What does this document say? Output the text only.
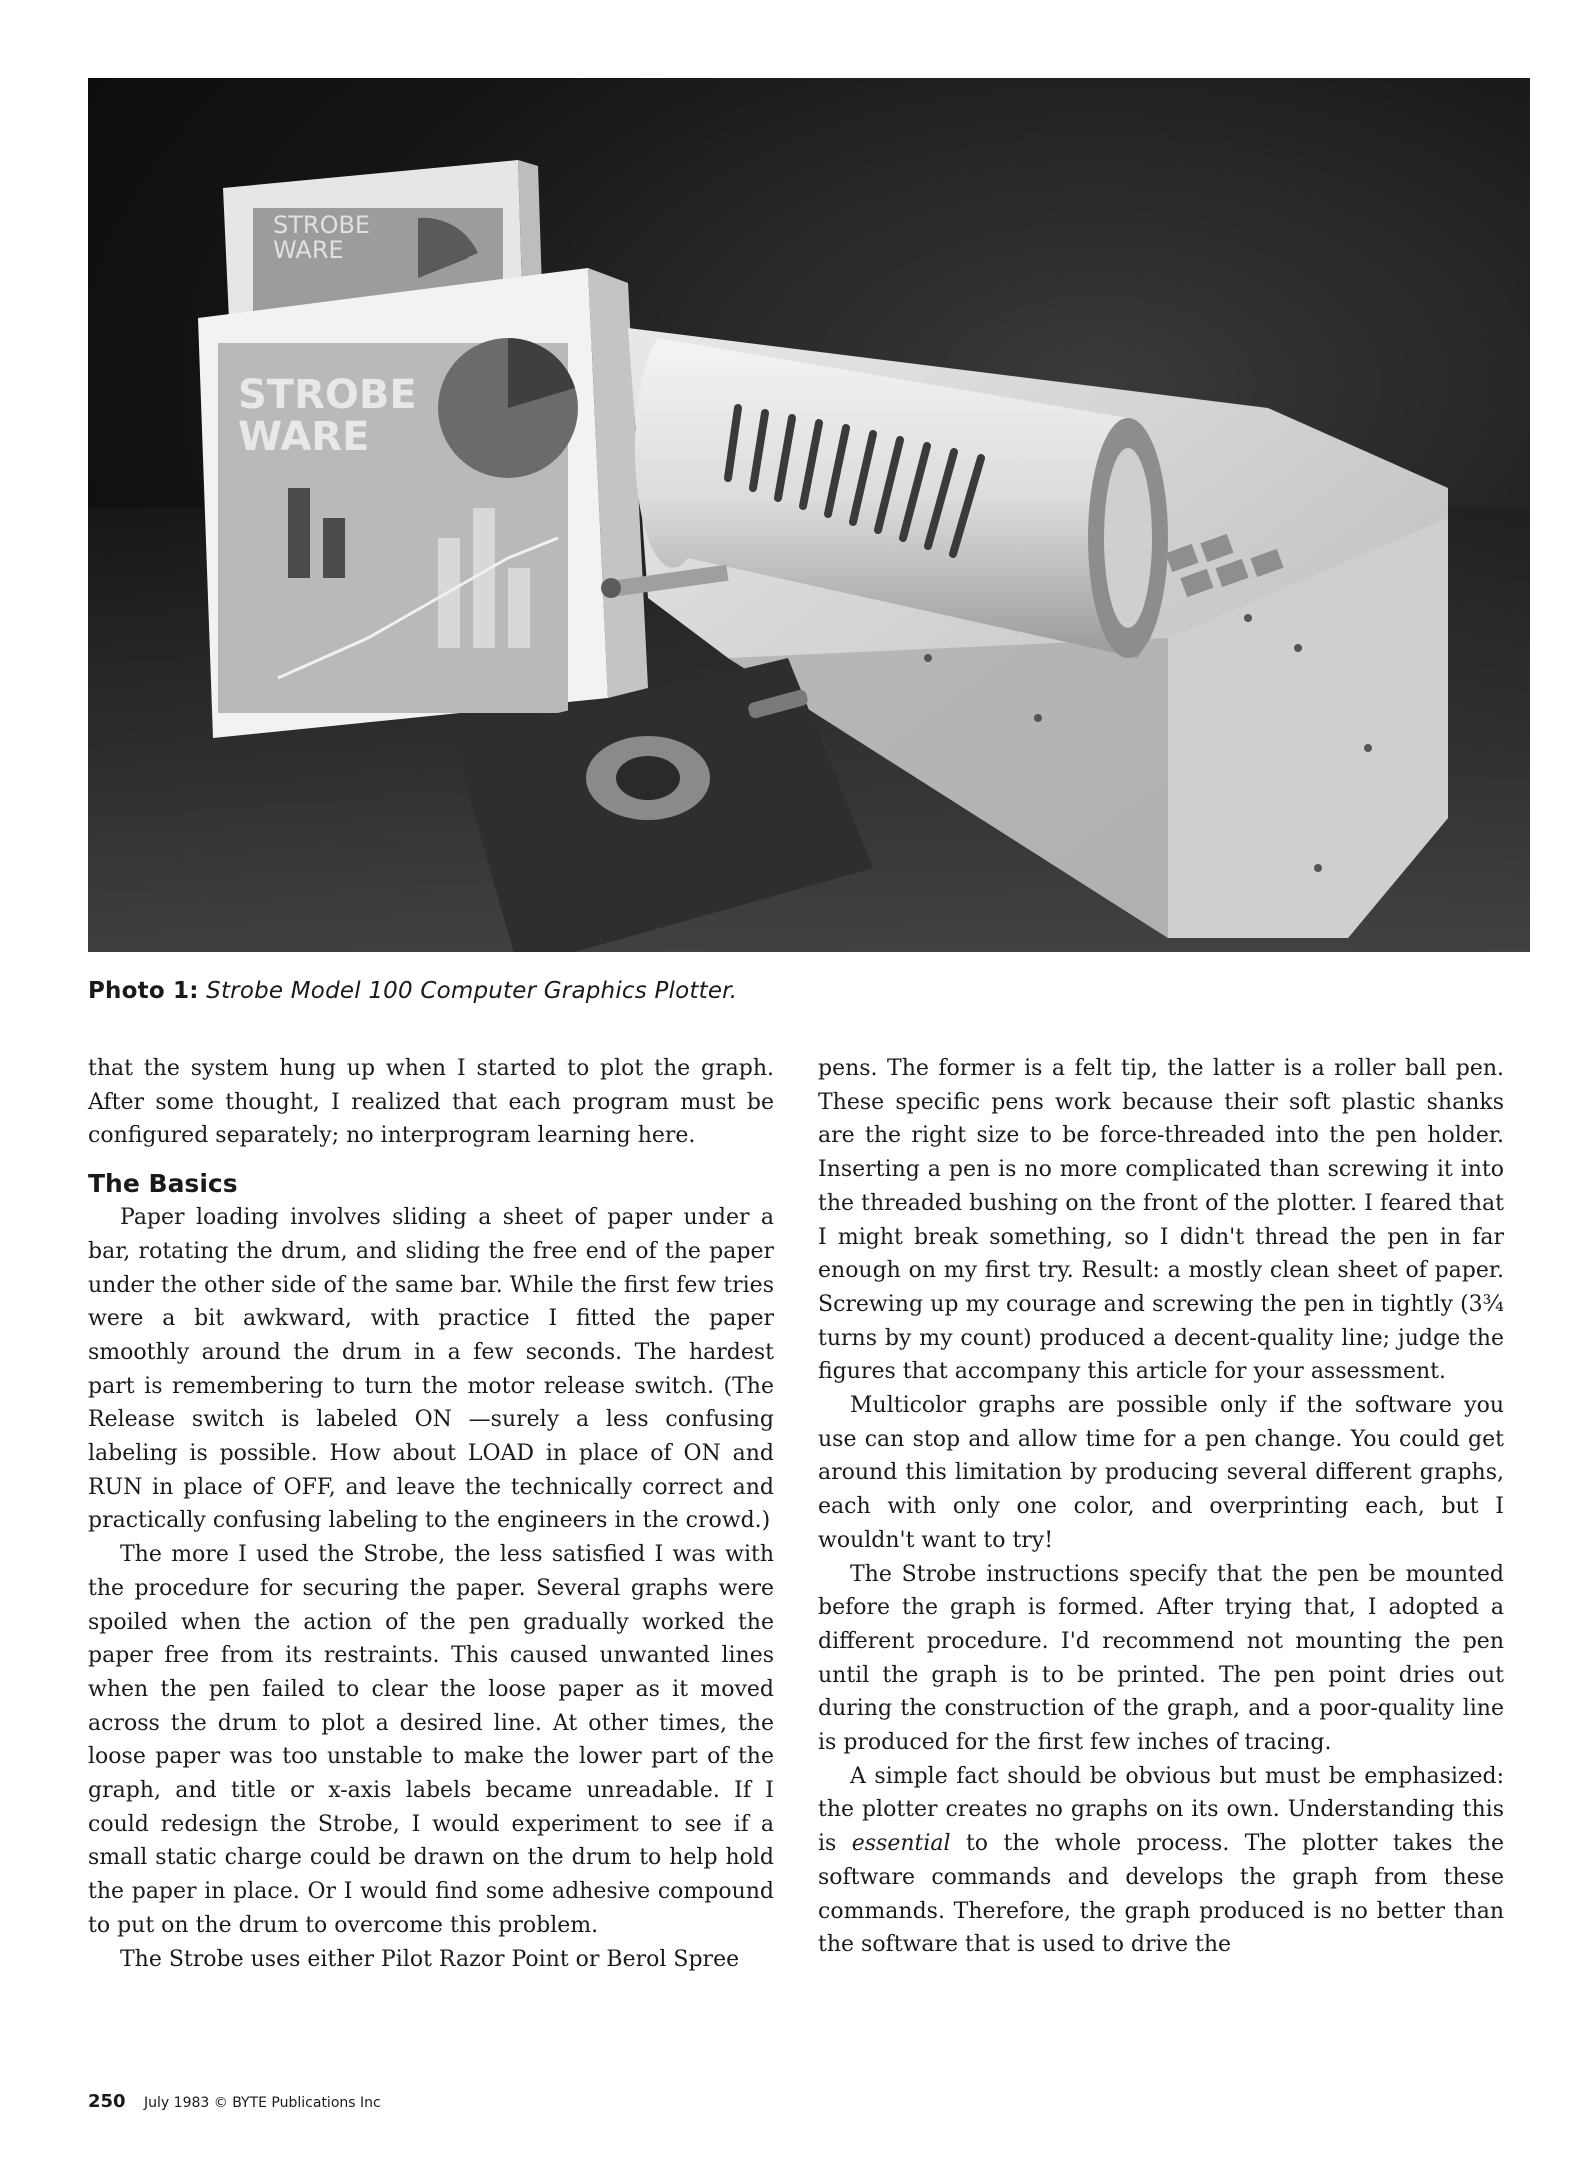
STROBE
WARE
STROBE
WARE
Photo 1: Strobe Model 100 Computer Graphics Plotter.

that the system hung up when I started to plot the graph. After some thought, I realized that each program must be configured separately; no interprogram learning here.

The Basics

Paper loading involves sliding a sheet of paper under a bar, rotating the drum, and sliding the free end of the paper under the other side of the same bar. While the first few tries were a bit awkward, with practice I fitted the paper smoothly around the drum in a few seconds. The hardest part is remembering to turn the motor release switch. (The Release switch is labeled ON —surely a less confusing labeling is possible. How about LOAD in place of ON and RUN in place of OFF, and leave the technically correct and practically confusing labeling to the engineers in the crowd.)

The more I used the Strobe, the less satisfied I was with the procedure for securing the paper. Several graphs were spoiled when the action of the pen gradually worked the paper free from its restraints. This caused unwanted lines when the pen failed to clear the loose paper as it moved across the drum to plot a desired line. At other times, the loose paper was too unstable to make the lower part of the graph, and title or x-axis labels became unreadable. If I could redesign the Strobe, I would experiment to see if a small static charge could be drawn on the drum to help hold the paper in place. Or I would find some adhesive compound to put on the drum to overcome this problem.

The Strobe uses either Pilot Razor Point or Berol Spree

pens. The former is a felt tip, the latter is a roller ball pen. These specific pens work because their soft plastic shanks are the right size to be force-threaded into the pen holder. Inserting a pen is no more complicated than screwing it into the threaded bushing on the front of the plotter. I feared that I might break something, so I didn't thread the pen in far enough on my first try. Result: a mostly clean sheet of paper. Screwing up my courage and screwing the pen in tightly (3¾ turns by my count) produced a decent-quality line; judge the figures that accompany this article for your assessment.

Multicolor graphs are possible only if the software you use can stop and allow time for a pen change. You could get around this limitation by producing several different graphs, each with only one color, and overprinting each, but I wouldn't want to try!

The Strobe instructions specify that the pen be mounted before the graph is formed. After trying that, I adopted a different procedure. I'd recommend not mounting the pen until the graph is to be printed. The pen point dries out during the construction of the graph, and a poor-quality line is produced for the first few inches of tracing.

A simple fact should be obvious but must be emphasized: the plotter creates no graphs on its own. Understanding this is essential to the whole process. The plotter takes the software commands and develops the graph from these commands. Therefore, the graph produced is no better than the software that is used to drive the

250 July 1983 © BYTE Publications Inc
